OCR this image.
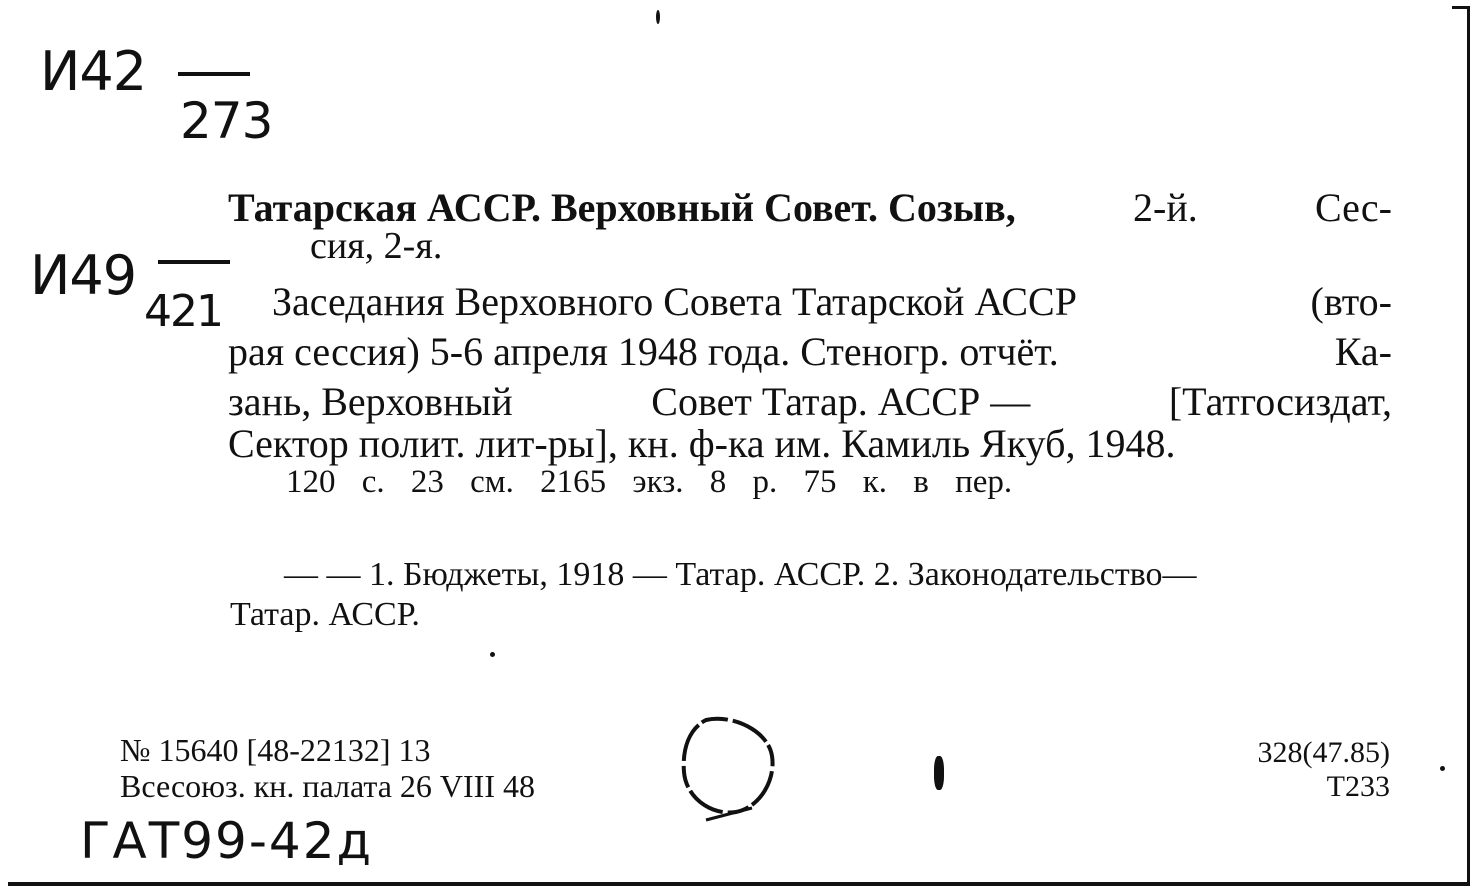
И42
273
И49
421
ГАТ99-42д
Татарская АССР. Верховный Совет. Созыв,	2-й.	Сес-
сия, 2-я.
Заседания Верховного Совета Татарской АССР	(вто-
рая сессия) 5-6 апреля 1948 года. Стеногр. отчёт.	Ка-
зань, Верховный	Совет Татар. АССР —	[Татгосиздат,
Сектор полит. лит-ры], кн. ф-ка им. Камиль Якуб, 1948.
120 с. 23 см. 2165 экз. 8 р. 75 к. в пер.
— — 1. Бюджеты, 1918 — Татар. АССР. 2. Законодательство—
Татар. АССР.
№ 15640 [48-22132] 13
Всесоюз. кн. палата 26 VIII 48
328(47.85)
Т233
